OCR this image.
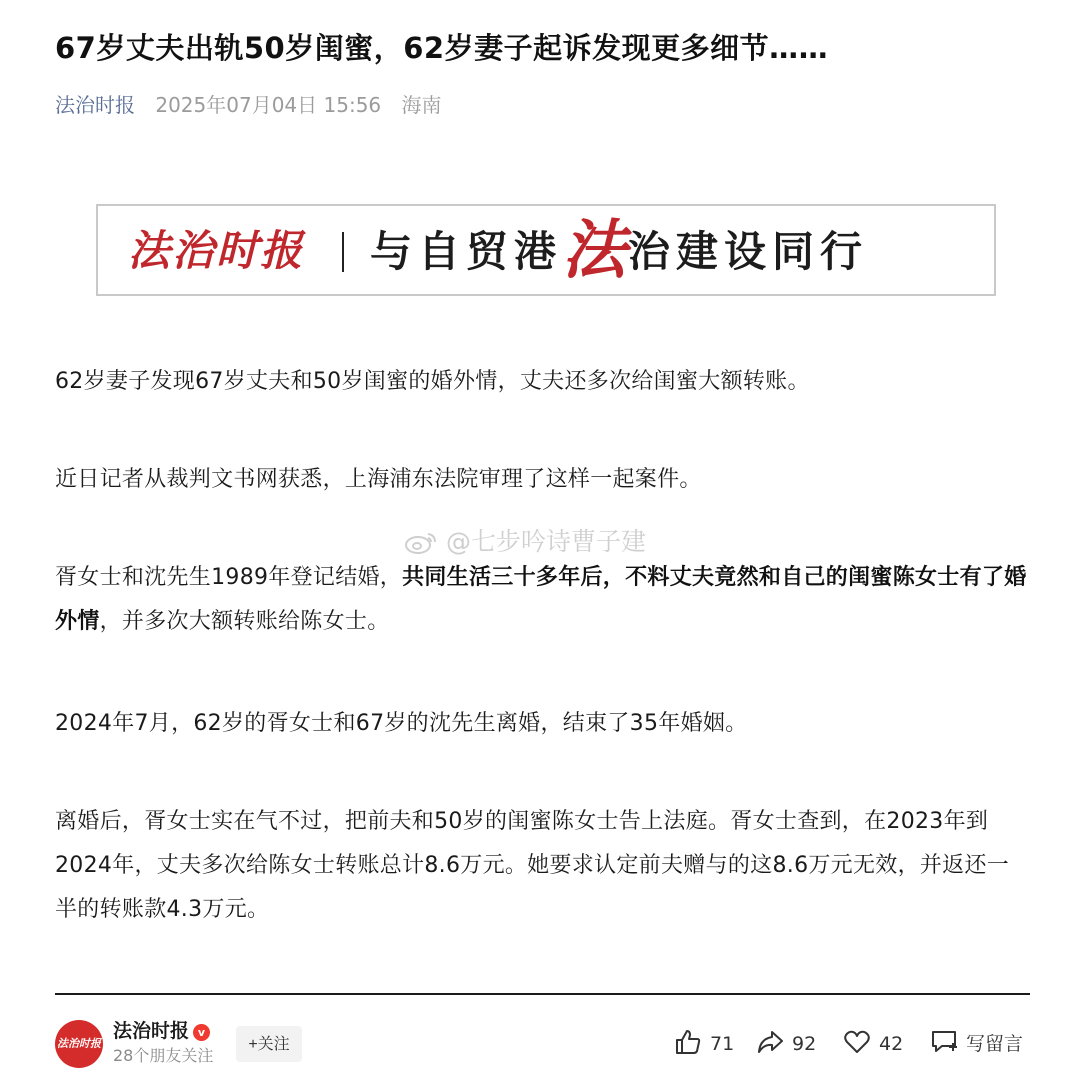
67岁丈夫出轨50岁闺蜜，62岁妻子起诉发现更多细节……
法治时报 2025年07月04日 15:56 海南
法治时报 与自贸港法治建设同行
62岁妻子发现67岁丈夫和50岁闺蜜的婚外情，丈夫还多次给闺蜜大额转账。
近日记者从裁判文书网获悉，上海浦东法院审理了这样一起案件。
@七步吟诗曹子建
胥女士和沈先生1989年登记结婚，共同生活三十多年后，不料丈夫竟然和自己的闺蜜陈女士有了婚外情，并多次大额转账给陈女士。
2024年7月，62岁的胥女士和67岁的沈先生离婚，结束了35年婚姻。
离婚后，胥女士实在气不过，把前夫和50岁的闺蜜陈女士告上法庭。胥女士查到，在2023年到2024年，丈夫多次给陈女士转账总计8.6万元。她要求认定前夫赠与的这8.6万元无效，并返还一半的转账款4.3万元。
法治时报
法治时报 v
28个朋友关注
+关注	71	92	42	写留言
